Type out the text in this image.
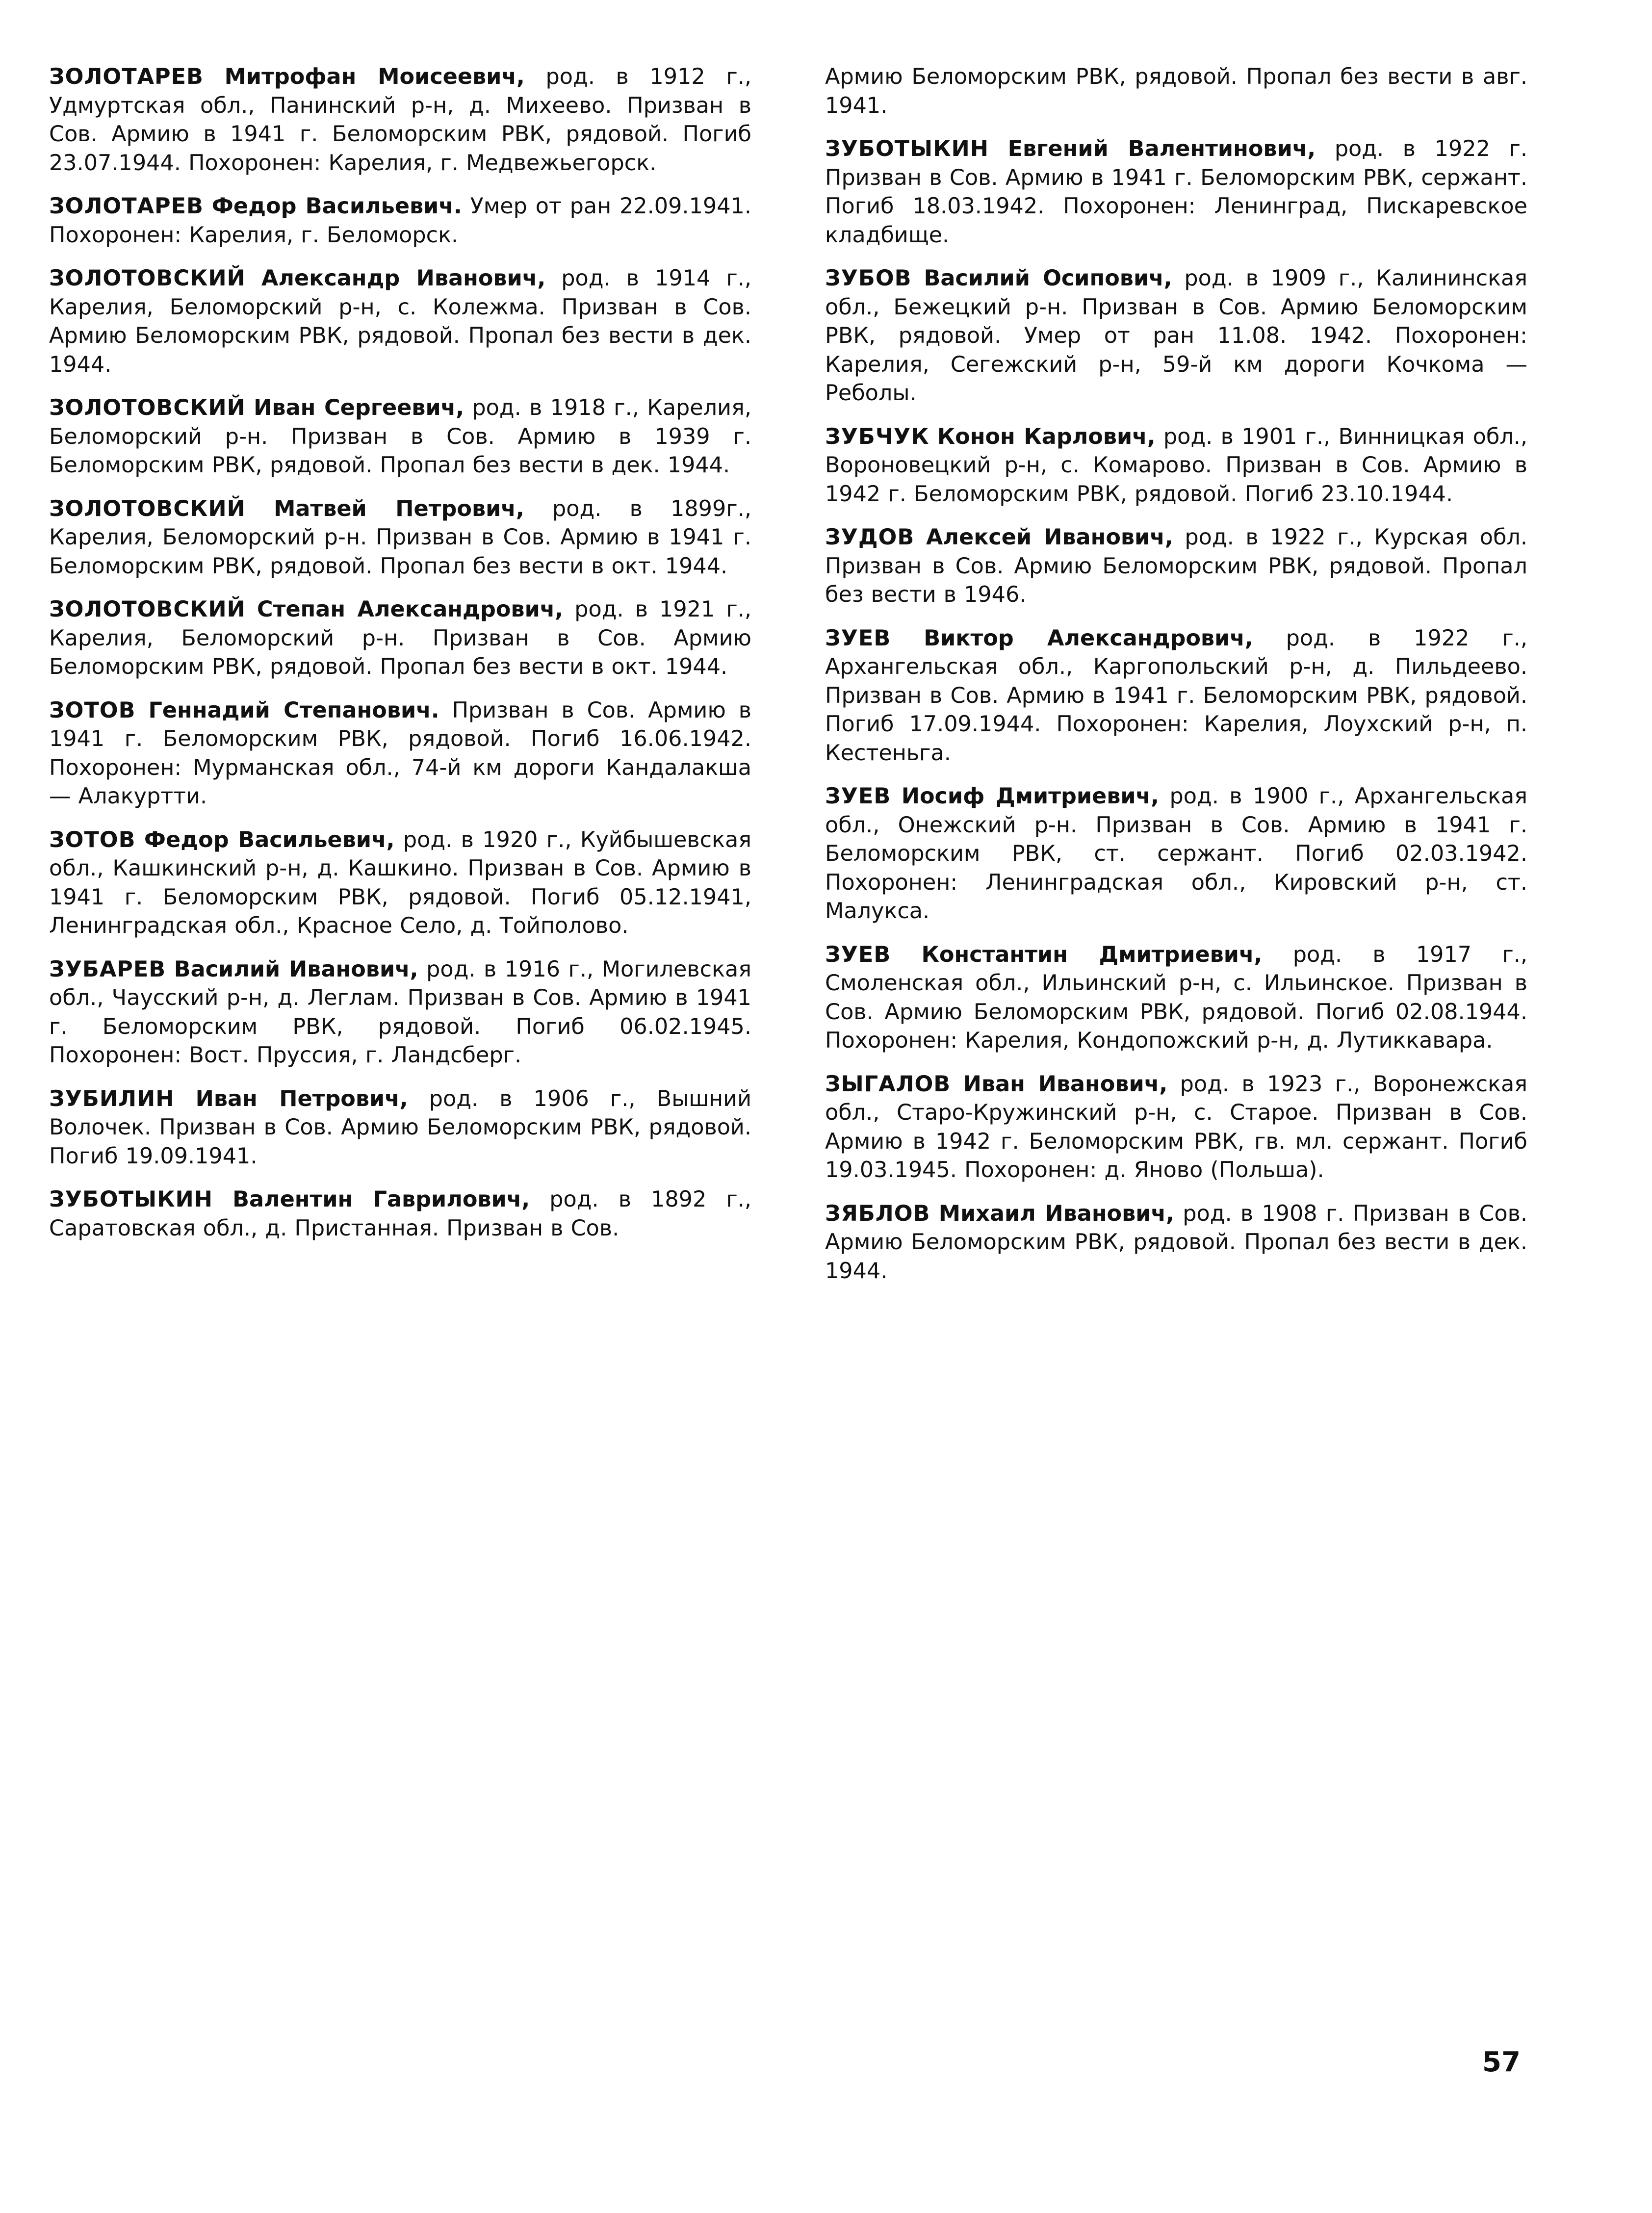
ЗОЛОТАРЕВ Митрофан Моисеевич, род. в 1912 г., Удмуртская обл., Панинский р-н, д. Михеево. Призван в Сов. Армию в 1941 г. Беломорским РВК, рядовой. Погиб 23.07.1944. Похоронен: Карелия, г. Медвежьегорск.

ЗОЛОТАРЕВ Федор Васильевич. Умер от ран 22.09.1941. Похоронен: Карелия, г. Беломорск.

ЗОЛОТОВСКИЙ Александр Иванович, род. в 1914 г., Карелия, Беломорский р-н, с. Колежма. Призван в Сов. Армию Беломорским РВК, рядовой. Пропал без вести в дек. 1944.

ЗОЛОТОВСКИЙ Иван Сергеевич, род. в 1918 г., Карелия, Беломорский р-н. Призван в Сов. Армию в 1939 г. Беломорским РВК, рядовой. Пропал без вести в дек. 1944.

ЗОЛОТОВСКИЙ Матвей Петрович, род. в 1899г., Карелия, Беломорский р-н. Призван в Сов. Армию в 1941 г. Беломорским РВК, рядовой. Пропал без вести в окт. 1944.

ЗОЛОТОВСКИЙ Степан Александрович, род. в 1921 г., Карелия, Беломорский р-н. Призван в Сов. Армию Беломорским РВК, рядовой. Пропал без вести в окт. 1944.

ЗОТОВ Геннадий Степанович. Призван в Сов. Армию в 1941 г. Беломорским РВК, рядовой. Погиб 16.06.1942. Похоронен: Мурманская обл., 74-й км дороги Кандалакша — Алакуртти.

ЗОТОВ Федор Васильевич, род. в 1920 г., Куйбышевская обл., Кашкинский р-н, д. Кашкино. Призван в Сов. Армию в 1941 г. Беломорским РВК, рядовой. Погиб 05.12.1941, Ленинградская обл., Красное Село, д. Тойполово.

ЗУБАРЕВ Василий Иванович, род. в 1916 г., Могилевская обл., Чаусский р-н, д. Леглам. Призван в Сов. Армию в 1941 г. Беломорским РВК, рядовой. Погиб 06.02.1945. Похоронен: Вост. Пруссия, г. Ландсберг.

ЗУБИЛИН Иван Петрович, род. в 1906 г., Вышний Волочек. Призван в Сов. Армию Беломорским РВК, рядовой. Погиб 19.09.1941.

ЗУБОТЫКИН Валентин Гаврилович, род. в 1892 г., Саратовская обл., д. Пристанная. Призван в Сов.

Армию Беломорским РВК, рядовой. Пропал без вести в авг. 1941.

ЗУБОТЫКИН Евгений Валентинович, род. в 1922 г. Призван в Сов. Армию в 1941 г. Беломорским РВК, сержант. Погиб 18.03.1942. Похоронен: Ленинград, Пискаревское кладбище.

ЗУБОВ Василий Осипович, род. в 1909 г., Калининская обл., Бежецкий р-н. Призван в Сов. Армию Беломорским РВК, рядовой. Умер от ран 11.08. 1942. Похоронен: Карелия, Сегежский р-н, 59-й км дороги Кочкома — Реболы.

ЗУБЧУК Конон Карлович, род. в 1901 г., Винницкая обл., Вороновецкий р-н, с. Комарово. Призван в Сов. Армию в 1942 г. Беломорским РВК, рядовой. Погиб 23.10.1944.

ЗУДОВ Алексей Иванович, род. в 1922 г., Курская обл. Призван в Сов. Армию Беломорским РВК, рядовой. Пропал без вести в 1946.

ЗУЕВ Виктор Александрович, род. в 1922 г., Архангельская обл., Каргопольский р-н, д. Пильдеево. Призван в Сов. Армию в 1941 г. Беломорским РВК, рядовой. Погиб 17.09.1944. Похоронен: Карелия, Лоухский р-н, п. Кестеньга.

ЗУЕВ Иосиф Дмитриевич, род. в 1900 г., Архангельская обл., Онежский р-н. Призван в Сов. Армию в 1941 г. Беломорским РВК, ст. сержант. Погиб 02.03.1942. Похоронен: Ленинградская обл., Кировский р-н, ст. Малукса.

ЗУЕВ Константин Дмитриевич, род. в 1917 г., Смоленская обл., Ильинский р-н, с. Ильинское. Призван в Сов. Армию Беломорским РВК, рядовой. Погиб 02.08.1944. Похоронен: Карелия, Кондопожский р-н, д. Лутиккавара.

ЗЫГАЛОВ Иван Иванович, род. в 1923 г., Воронежская обл., Старо-Кружинский р-н, с. Старое. Призван в Сов. Армию в 1942 г. Беломорским РВК, гв. мл. сержант. Погиб 19.03.1945. Похоронен: д. Яново (Польша).

ЗЯБЛОВ Михаил Иванович, род. в 1908 г. Призван в Сов. Армию Беломорским РВК, рядовой. Пропал без вести в дек. 1944.

57
